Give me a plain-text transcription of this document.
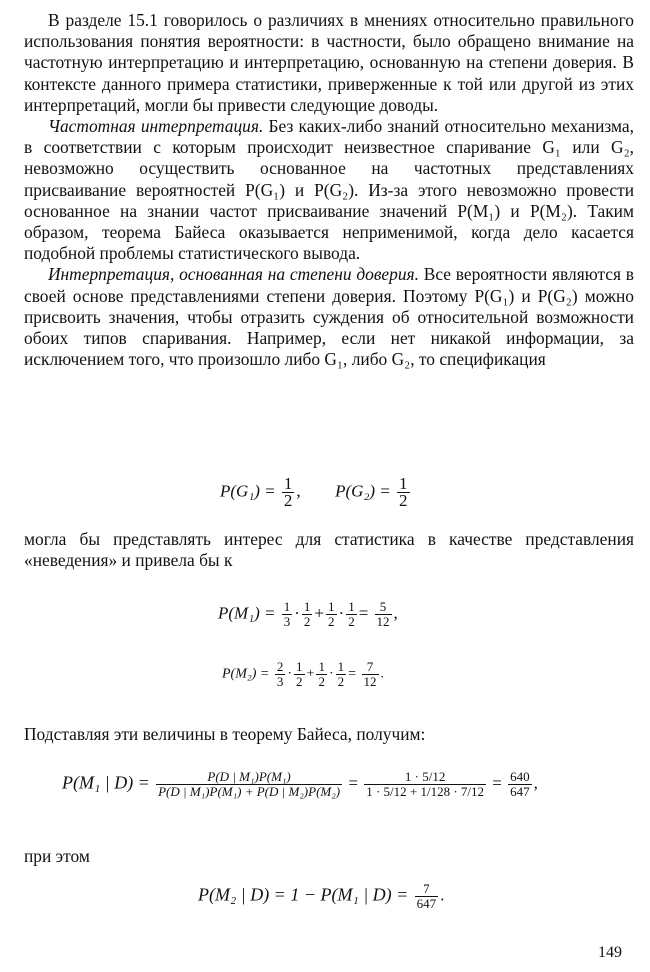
В разделе 15.1 говорилось о различиях в мнениях относительно правильного использования понятия вероятности: в частности, было обращено внимание на частотную интерпретацию и интерпретацию, основанную на степени доверия. В контексте данного примера статистики, приверженные к той или другой из этих интерпретаций, могли бы привести следующие доводы.

Частотная интерпретация. Без каких-либо знаний относительно механизма, в соответствии с которым происходит неизвестное спаривание G₁ или G₂, невозможно осуществить основанное на частотных представлениях присваивание вероятностей P(G₁) и P(G₂). Из-за этого невозможно провести основанное на знании частот присваивание значений P(M₁) и P(M₂). Таким образом, теорема Байеса оказывается неприменимой, когда дело касается подобной проблемы статистического вывода.

Интерпретация, основанная на степени доверия. Все вероятности являются в своей основе представлениями степени доверия. Поэтому P(G₁) и P(G₂) можно присвоить значения, чтобы отразить суждения об относительной возможности обоих типов спаривания. Например, если нет никакой информации, за исключением того, что произошло либо G₁, либо G₂, то спецификация

$P(G_1) = \frac{1}{2}$ ,  $P(G_2) = \frac{1}{2}$

могла бы представлять интерес для статистика в качестве представления «неведения» и привела бы к

$P(M_1) = \frac{1}{3} \cdot \frac{1}{2} + \frac{1}{2} \cdot \frac{1}{2} = \frac{5}{12}$ ,
$P(M_2) = \frac{2}{3} \cdot \frac{1}{2} + \frac{1}{2} \cdot \frac{1}{2} = \frac{7}{12}$ .

Подставляя эти величины в теорему Байеса, получим:

P(M₁ | $D) = \frac{\text{P(D | M₁)P(M₁)}}{\text{P(D | M₁)P(M₁) + P(D | M₂)P(M₂)}} = \frac{1 \cdot 5/12}{1 \cdot 5/12 + 1/128 \cdot 7/12} = \frac{640}{647}$ ,

при этом

P(M₂ | D) = 1 − P(M₁ | $D) = \frac{7}{647}$ .
149
